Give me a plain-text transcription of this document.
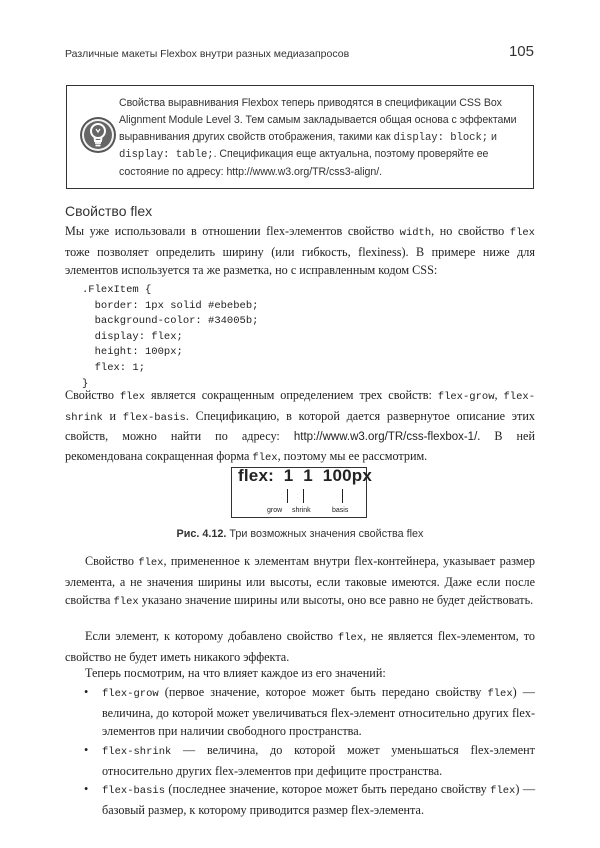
Различные макеты Flexbox внутри разных медиазапросов	105
Свойства выравнивания Flexbox теперь приводятся в спецификации CSS Box Alignment Module Level 3. Тем самым закладывается общая основа с эффектами выравнивания других свойств отображения, такими как display: block; и display: table;. Спецификация еще актуальна, поэтому проверяйте ее состояние по адресу: http://www.w3.org/TR/css3-align/.
Свойство flex
Мы уже использовали в отношении flex-элементов свойство width, но свойство flex тоже позволяет определить ширину (или гибкость, flexiness). В примере ниже для элементов используется та же разметка, но с исправленным кодом CSS:
.FlexItem {
border: 1px solid #ebebeb;
background-color: #34005b;
display: flex;
height: 100px;
flex: 1;
}
Свойство flex является сокращенным определением трех свойств: flex-grow, flex-shrink и flex-basis. Спецификацию, в которой дается развернутое описание этих свойств, можно найти по адресу: http://www.w3.org/TR/css-flexbox-1/. В ней рекомендована сокращенная форма flex, поэтому мы ее рассмотрим.
flex:  1  1  100px
grow shrink	basis
Рис. 4.12. Три возможных значения свойства flex
Свойство flex, примененное к элементам внутри flex-контейнера, указывает размер элемента, а не значения ширины или высоты, если таковые имеются. Даже если после свойства flex указано значение ширины или высоты, оно все равно не будет действовать.
Если элемент, к которому добавлено свойство flex, не является flex-элементом, то свойство не будет иметь никакого эффекта.
Теперь посмотрим, на что влияет каждое из его значений:
• flex-grow (первое значение, которое может быть передано свойству flex) — величина, до которой может увеличиваться flex-элемент относительно других flex-элементов при наличии свободного пространства.
• flex-shrink — величина, до которой может уменьшаться flex-элемент относительно других flex-элементов при дефиците пространства.
• flex-basis (последнее значение, которое может быть передано свойству flex) — базовый размер, к которому приводится размер flex-элемента.
